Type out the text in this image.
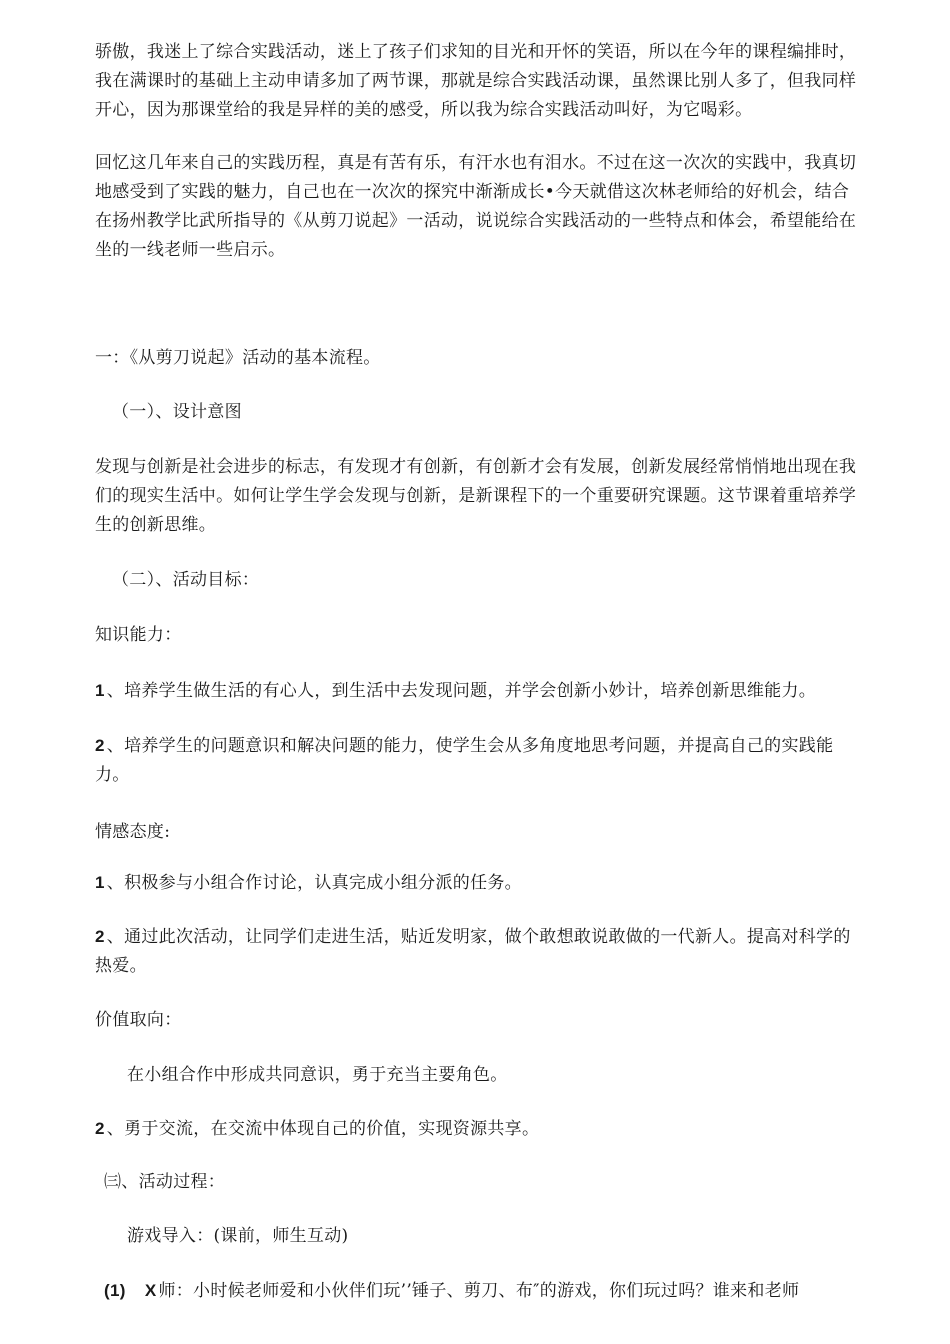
骄傲，我迷上了综合实践活动，迷上了孩子们求知的目光和开怀的笑语，所以在今年的课程编排时，我在满课时的基础上主动申请多加了两节课，那就是综合实践活动课，虽然课比别人多了，但我同样开心，因为那课堂给的我是异样的美的感受，所以我为综合实践活动叫好，为它喝彩。

回忆这几年来自己的实践历程，真是有苦有乐，有汗水也有泪水。不过在这一次次的实践中，我真切地感受到了实践的魅力，自己也在一次次的探究中渐渐成长•今天就借这次林老师给的好机会，结合在扬州教学比武所指导的《从剪刀说起》一活动，说说综合实践活动的一些特点和体会，希望能给在坐的一线老师一些启示。

一：《从剪刀说起》活动的基本流程。

（一）、设计意图

发现与创新是社会进步的标志，有发现才有创新，有创新才会有发展，创新发展经常悄悄地出现在我们的现实生活中。如何让学生学会发现与创新，是新课程下的一个重要研究课题。这节课着重培养学生的创新思维。

（二）、活动目标：

知识能力：

1 、培养学生做生活的有心人，到生活中去发现问题，并学会创新小妙计，培养创新思维能力。

2 、培养学生的问题意识和解决问题的能力，使学生会从多角度地思考问题，并提高自己的实践能力。

情感态度:

1 、积极参与小组合作讨论，认真完成小组分派的任务。

2 、通过此次活动，让同学们走进生活，贴近发明家，做个敢想敢说敢做的一代新人。提高对科学的热爱。

价值取向：

在小组合作中形成共同意识，勇于充当主要角色。

2 、勇于交流，在交流中体现自己的价值，实现资源共享。

㈢、活动过程：

游戏导入：(课前，师生互动)

(1) X 师：小时候老师爱和小伙伴们玩’’锤子、剪刀、布″的游戏，你们玩过吗？谁来和老师
